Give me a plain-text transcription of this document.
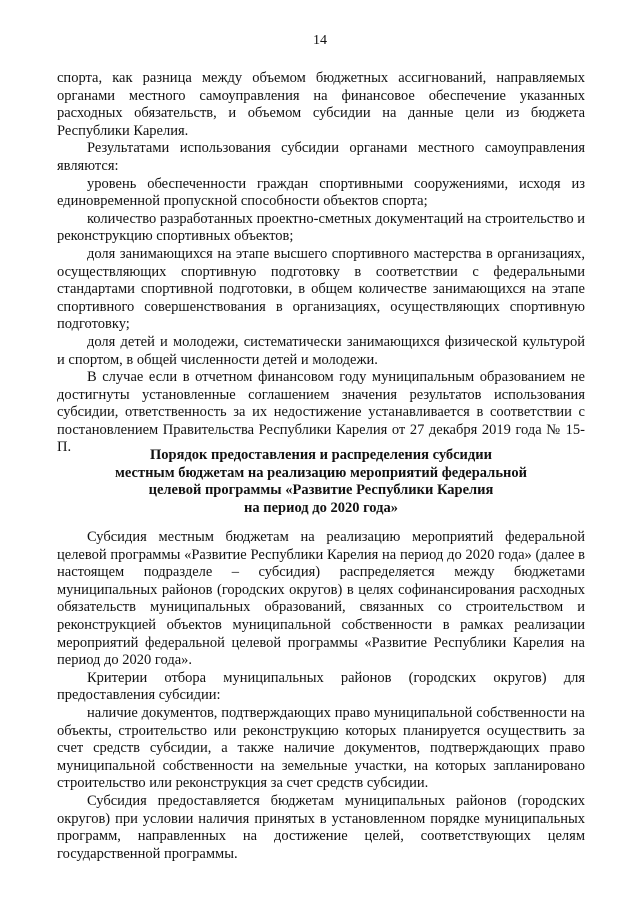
14

спорта, как разница между объемом бюджетных ассигнований, направляемых органами местного самоуправления на финансовое обеспечение указанных расходных обязательств, и объемом субсидии на данные цели из бюджета Республики Карелия.

Результатами использования субсидии органами местного самоуправления являются:

уровень обеспеченности граждан спортивными сооружениями, исходя из единовременной пропускной способности объектов спорта;

количество разработанных проектно-сметных документаций на строительство и реконструкцию спортивных объектов;

доля занимающихся на этапе высшего спортивного мастерства в организациях, осуществляющих спортивную подготовку в соответствии с федеральными стандартами спортивной подготовки, в общем количестве занимающихся на этапе спортивного совершенствования в организациях, осуществляющих спортивную подготовку;

доля детей и молодежи, систематически занимающихся физической культурой и спортом, в общей численности детей и молодежи.

В случае если в отчетном финансовом году муниципальным образованием не достигнуты установленные соглашением значения результатов использования субсидии, ответственность за их недостижение устанавливается в соответствии с постановлением Правительства Республики Карелия от 27 декабря 2019 года № 15-П.	Порядок предоставления и распределения субсидии
местным бюджетам на реализацию мероприятий федеральной
целевой программы «Развитие Республики Карелия
на период до 2020 года»

Субсидия местным бюджетам на реализацию мероприятий федеральной целевой программы «Развитие Республики Карелия на период до 2020 года» (далее в настоящем подразделе – субсидия) распределяется между бюджетами муниципальных районов (городских округов) в целях софинансирования расходных обязательств муниципальных образований, связанных со строительством и реконструкцией объектов муниципальной собственности в рамках реализации мероприятий федеральной целевой программы «Развитие Республики Карелия на период до 2020 года».

Критерии отбора муниципальных районов (городских округов) для предоставления субсидии:

наличие документов, подтверждающих право муниципальной собственности на объекты, строительство или реконструкцию которых планируется осуществить за счет средств субсидии, а также наличие документов, подтверждающих право муниципальной собственности на земельные участки, на которых запланировано строительство или реконструкция за счет средств субсидии.

Субсидия предоставляется бюджетам муниципальных районов (городских округов) при условии наличия принятых в установленном порядке муниципальных программ, направленных на достижение целей, соответствующих целям государственной программы.
